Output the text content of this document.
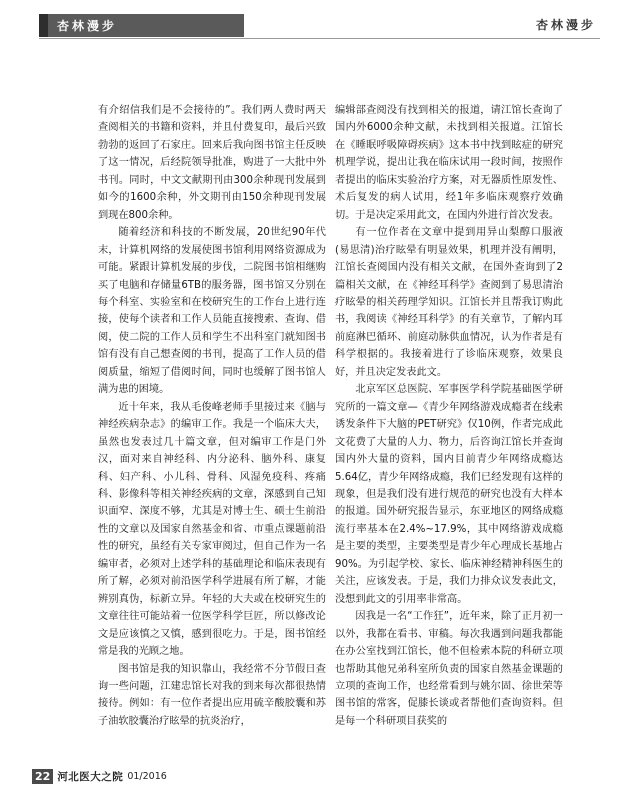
杏林漫步	杏林漫步

有介绍信我们是不会接待的”。我们两人费时两天查阅相关的书籍和资料，并且付费复印，最后兴致勃勃的返回了石家庄。回来后我向图书馆主任反映了这一情况，后经院领导批准，购进了一大批中外书刊。同时，中文文献期刊由300余种现刊发展到如今的1600余种，外文期刊由150余种现刊发展到现在800余种。

随着经济和科技的不断发展，20世纪90年代末，计算机网络的发展使图书馆利用网络资源成为可能。紧跟计算机发展的步伐，二院图书馆相继购买了电脑和存储量6TB的服务器，图书馆又分别在每个科室、实验室和在校研究生的工作台上进行连接，使每个读者和工作人员能直接搜索、查询、借阅，使二院的工作人员和学生不出科室门就知图书馆有没有自己想查阅的书刊，提高了工作人员的借阅质量，缩短了借阅时间，同时也缓解了图书馆人满为患的困境。

近十年来，我从毛俊峰老师手里接过来《脑与神经疾病杂志》的编审工作。我是一个临床大夫，虽然也发表过几十篇文章，但对编审工作是门外汉，面对来自神经科、内分泌科、脑外科、康复科、妇产科、小儿科、骨科、风湿免疫科、疼痛科、影像科等相关神经疾病的文章，深感到自己知识面窄、深度不够，尤其是对博士生、硕士生前沿性的文章以及国家自然基金和省、市重点课题前沿性的研究，虽经有关专家审阅过，但自己作为一名编审者，必须对上述学科的基础理论和临床表现有所了解，必须对前沿医学科学进展有所了解，才能辨别真伪，标新立异。年轻的大夫或在校研究生的文章往往可能站着一位医学科学巨匠，所以修改论文是应该慎之又慎，感到很吃力。于是，图书馆经常是我的光顾之地。

图书馆是我的知识靠山，我经常不分节假日查询一些问题，江建忠馆长对我的到来每次都很热情接待。例如：有一位作者提出应用硫辛酸胶囊和苏子油软胶囊治疗眩晕的抗炎治疗，

编辑部查阅没有找到相关的报道，请江馆长查询了国内外6000余种文献，未找到相关报道。江馆长在《睡眠呼吸障碍疾病》这本书中找到眩症的研究机理学说，提出让我在临床试用一段时间，按照作者提出的临床实验治疗方案，对无器质性原发性、术后复发的病人试用，经1年多临床观察疗效确切。于是决定采用此文，在国内外进行首次发表。

有一位作者在文章中提到用异山梨醇口服液(易思清)治疗眩晕有明显效果，机理并没有阐明，江馆长查阅国内没有相关文献，在国外查询到了2篇相关文献，在《神经耳科学》查阅到了易思清治疗眩晕的相关药理学知识。江馆长并且帮我订购此书，我阅读《神经耳科学》的有关章节，了解内耳前庭淋巴循环、前庭动脉供血情况，认为作者是有科学根据的。我接着进行了诊临床观察，效果良好，并且决定发表此文。

北京军区总医院、军事医学科学院基础医学研究所的一篇文章—《青少年网络游戏成瘾者在线索诱发条件下大脑的PET研究》仅10例，作者完成此文花费了大量的人力、物力，后咨询江馆长并查询国内外大量的资料，国内目前青少年网络成瘾达5.64亿，青少年网络成瘾，我们已经发现有这样的现象，但是我们没有进行规范的研究也没有大样本的报道。国外研究报告显示，东亚地区的网络成瘾流行率基本在2.4%~17.9%，其中网络游戏成瘾是主要的类型，主要类型是青少年心理成长基地占90%。为引起学校、家长、临床神经精神科医生的关注，应该发表。于是，我们力排众议发表此文，没想到此文的引用率非常高。

因我是一名“工作狂”，近年来，除了正月初一以外，我都在看书、审稿。每次我遇到问题我都能在办公室找到江馆长，他不但检索本院的科研立项也帮助其他兄弟科室所负责的国家自然基金课题的立项的查询工作，也经常看到与姚尔固、徐世荣等图书馆的常客，促膝长谈或者帮他们查询资料。但是每一个科研项目获奖的

22 河北医大之院 01/2016
